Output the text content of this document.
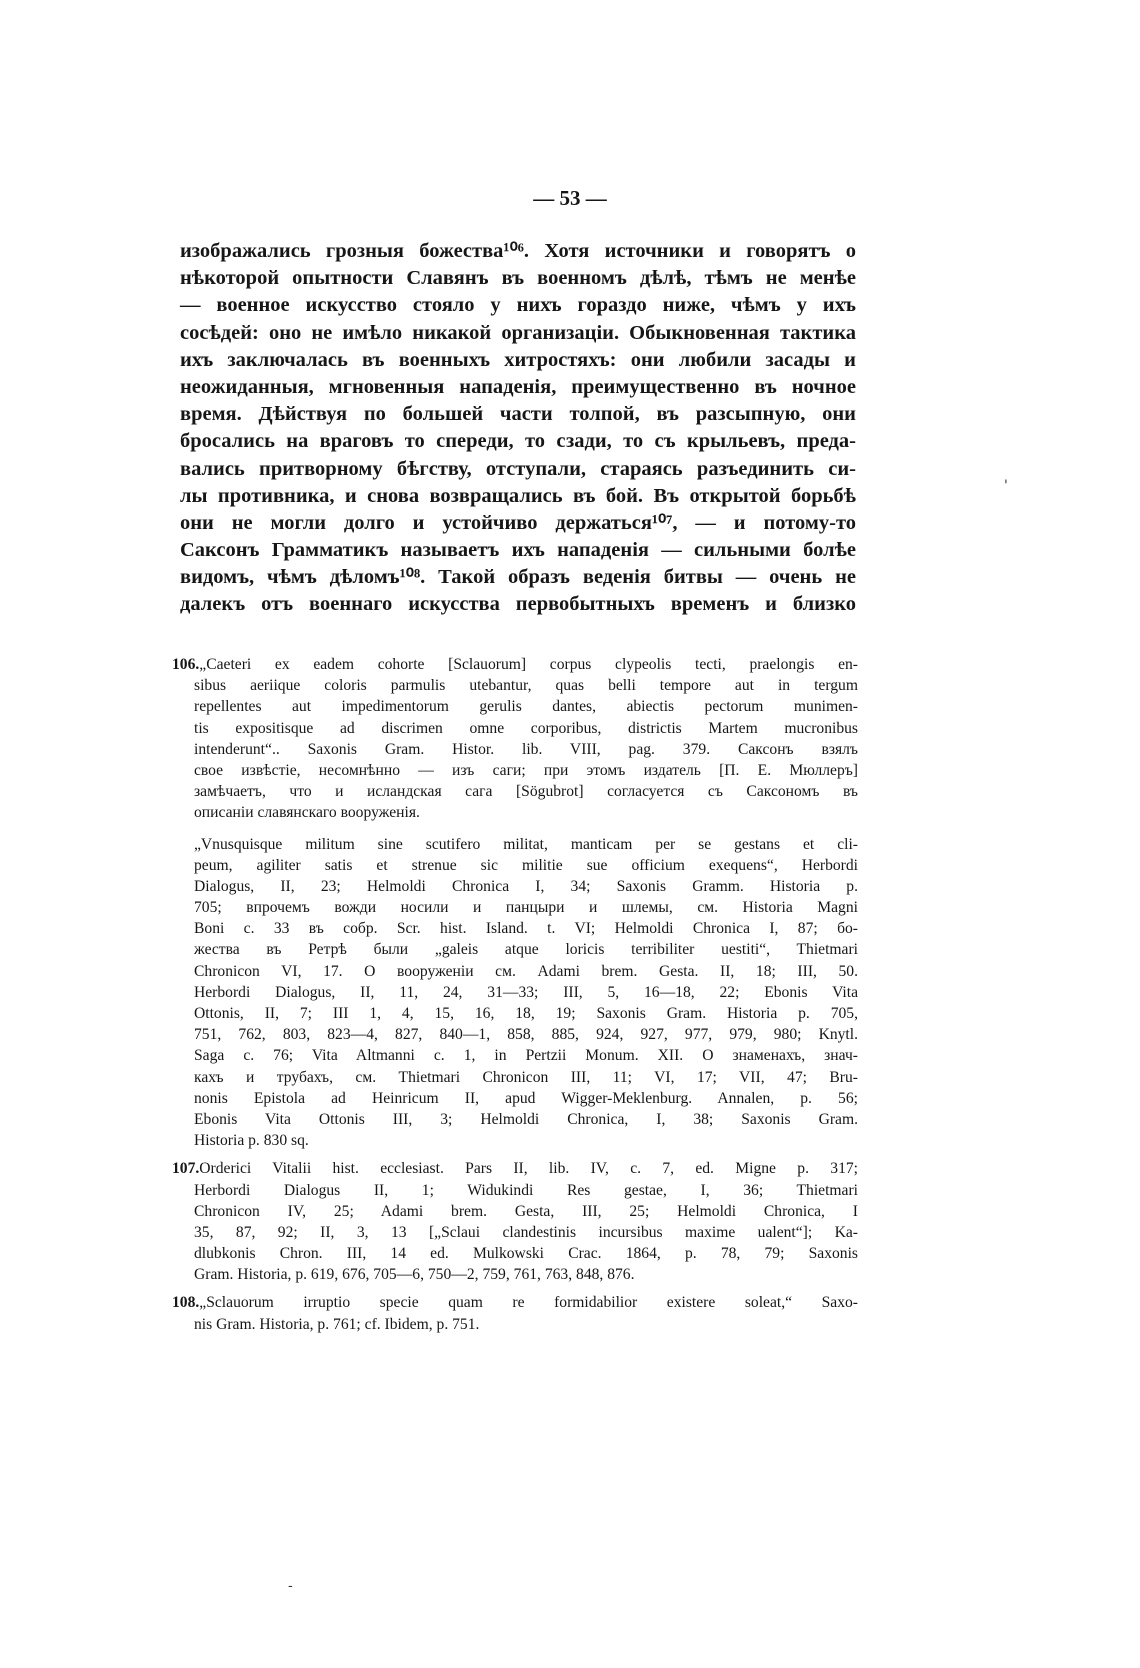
— 53 —
изображались грозныя божества¹⁰⁶. Хотя источники и говорятъ о
нѣкоторой опытности Славянъ въ военномъ дѣлѣ, тѣмъ не менѣе
— военное искусство стояло у нихъ гораздо ниже, чѣмъ у ихъ
сосѣдей: оно не имѣло никакой организаціи. Обыкновенная тактика
ихъ заключалась въ военныхъ хитростяхъ: они любили засады и
неожиданныя, мгновенныя нападенія, преимущественно въ ночное
время. Дѣйствуя по большей части толпой, въ разсыпную, они
бросались на враговъ то спереди, то сзади, то съ крыльевъ, преда-
вались притворному бѣгству, отступали, стараясь разъединить си-
лы противника, и снова возвращались въ бой. Въ открытой борьбѣ
они не могли долго и устойчиво держаться¹⁰⁷, — и потому-то
Саксонъ Грамматикъ называетъ ихъ нападенія — сильными болѣе
видомъ, чѣмъ дѣломъ¹⁰⁸. Такой образъ веденія битвы — очень не
далекъ отъ военнаго искусства первобытныхъ временъ и близко
106.„Caeteri ex eadem cohorte [Sclauorum] corpus clypeolis tecti, praelongis en-
sibus aeriique coloris parmulis utebantur, quas belli tempore aut in tergum
repellentes aut impedimentorum gerulis dantes, abiectis pectorum munimen-
tis expositisque ad discrimen omne corporibus, districtis Martem mucronibus
intenderunt“.. Saxonis Gram. Histor. lib. VIII, pag. 379. Саксонъ взялъ
свое извѣстіе, несомнѣнно — изъ саги; при этомъ издатель [П. Е. Мюллеръ]
замѣчаетъ, что и исландская сага [Sögubrot] согласуется съ Саксономъ въ
описаніи славянскаго вооруженія.
„Vnusquisque militum sine scutifero militat, manticam per se gestans et cli-
peum, agiliter satis et strenue sic militie sue officium exequens“, Herbordi
Dialogus, II, 23; Helmoldi Chronica I, 34; Saxonis Gramm. Historia p.
705; впрочемъ вожди носили и панцыри и шлемы, см. Historia Magni
Boni c. 33 въ собр. Scr. hist. Island. t. VI; Helmoldi Chronica I, 87; бо-
жества въ Ретрѣ были „galeis atque loricis terribiliter uestiti“, Thietmari
Chronicon VI, 17. О вооруженіи см. Adami brem. Gesta. II, 18; III, 50.
Herbordi Dialogus, II, 11, 24, 31—33; III, 5, 16—18, 22; Ebonis Vita
Ottonis, II, 7; III 1, 4, 15, 16, 18, 19; Saxonis Gram. Historia p. 705,
751, 762, 803, 823—4, 827, 840—1, 858, 885, 924, 927, 977, 979, 980; Knytl.
Saga c. 76; Vita Altmanni c. 1, in Pertzii Monum. XII. О знаменахъ, знач-
кахъ и трубахъ, см. Thietmari Chronicon III, 11; VI, 17; VII, 47; Bru-
nonis Epistola ad Heinricum II, apud Wigger-Meklenburg. Annalen, p. 56;
Ebonis Vita Ottonis III, 3; Helmoldi Chronica, I, 38; Saxonis Gram.
Historia p. 830 sq.
107.Orderici Vitalii hist. ecclesiast. Pars II, lib. IV, c. 7, ed. Migne p. 317;
Herbordi Dialogus II, 1; Widukindi Res gestae, I, 36; Thietmari
Chronicon IV, 25; Adami brem. Gesta, III, 25; Helmoldi Chronica, I
35, 87, 92; II, 3, 13 [„Sclaui clandestinis incursibus maxime ualent“]; Ka-
dlubkonis Chron. III, 14 ed. Mulkowski Crac. 1864, p. 78, 79; Saxonis
Gram. Historia, p. 619, 676, 705—6, 750—2, 759, 761, 763, 848, 876.
108.„Sclauorum irruptio specie quam re formidabilior existere soleat,“ Saxo-
nis Gram. Historia, p. 761; cf. Ibidem, p. 751.
'
-
